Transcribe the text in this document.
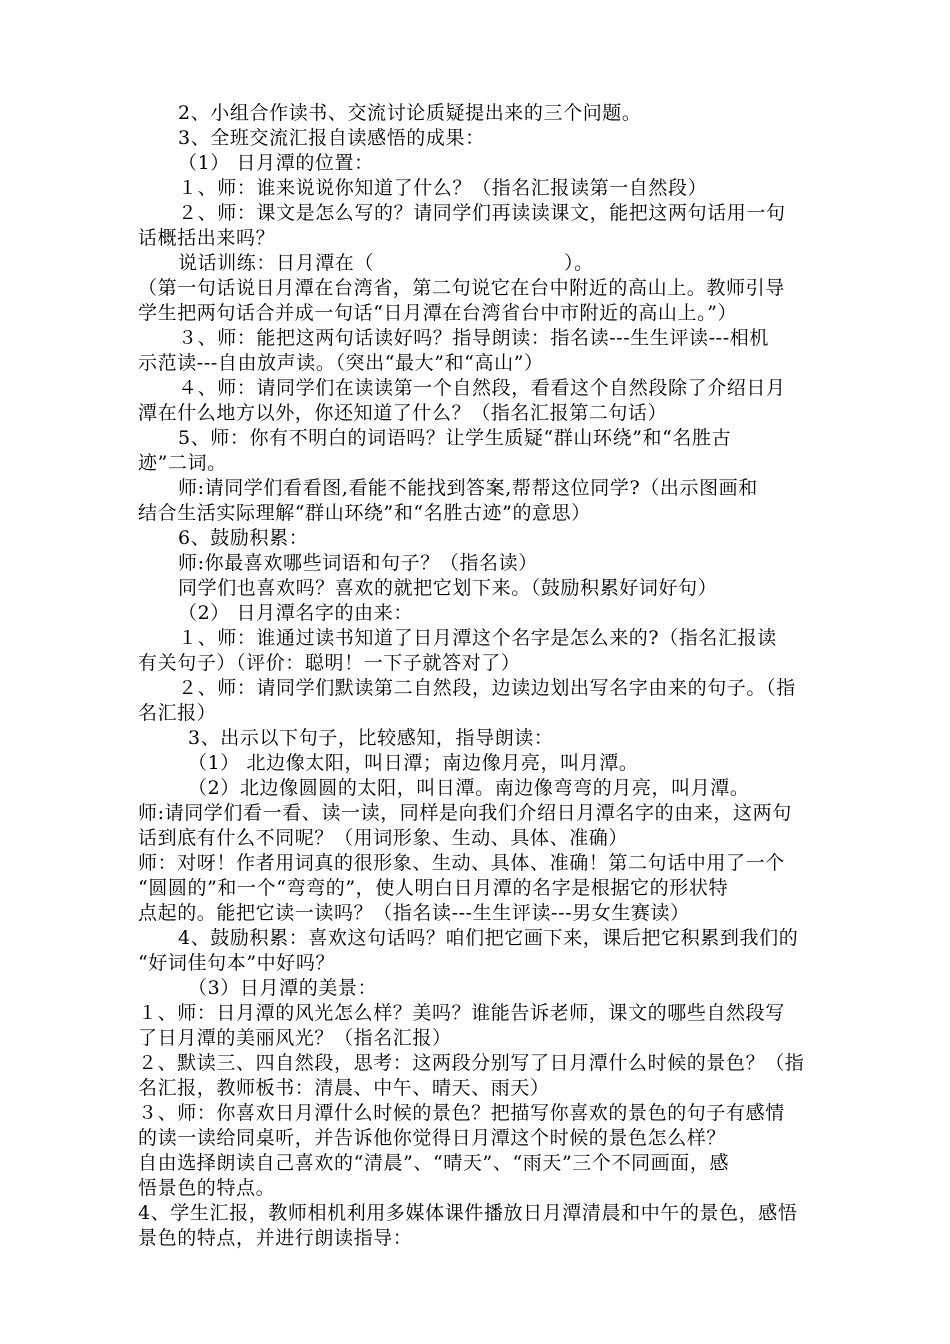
2、小组合作读书、交流讨论质疑提出来的三个问题。
3、全班交流汇报自读感悟的成果：
（1） 日月潭的位置：
１、师：谁来说说你知道了什么？（指名汇报读第一自然段）
２、师：课文是怎么写的？请同学们再读读课文，能把这两句话用一句
话概括出来吗？
说话训练：日月潭在（	）。
（第一句话说日月潭在台湾省，第二句说它在台中附近的高山上。教师引导
学生把两句话合并成一句话“日月潭在台湾省台中市附近的高山上。”）
３、师：能把这两句话读好吗？指导朗读：指名读---生生评读---相机
示范读---自由放声读。（突出“最大”和“高山”）
４、师：请同学们在读读第一个自然段，看看这个自然段除了介绍日月
潭在什么地方以外，你还知道了什么？（指名汇报第二句话）
5、师：你有不明白的词语吗？让学生质疑“群山环绕”和“名胜古
迹”二词。
师:请同学们看看图,看能不能找到答案,帮帮这位同学?（出示图画和
结合生活实际理解“群山环绕”和“名胜古迹”的意思）
6、鼓励积累：
师:你最喜欢哪些词语和句子？（指名读）
同学们也喜欢吗？喜欢的就把它划下来。（鼓励积累好词好句）
（2） 日月潭名字的由来：
１、师：谁通过读书知道了日月潭这个名字是怎么来的?（指名汇报读
有关句子）（评价：聪明！一下子就答对了）
２、师：请同学们默读第二自然段，边读边划出写名字由来的句子。（指
名汇报）
3、出示以下句子，比较感知，指导朗读：
（1） 北边像太阳，叫日潭；南边像月亮，叫月潭。
（2）北边像圆圆的太阳，叫日潭。南边像弯弯的月亮，叫月潭。
师:请同学们看一看、读一读，同样是向我们介绍日月潭名字的由来，这两句
话到底有什么不同呢？（用词形象、生动、具体、准确）
师：对呀！作者用词真的很形象、生动、具体、准确！第二句话中用了一个
“圆圆的”和一个“弯弯的”，使人明白日月潭的名字是根据它的形状特
点起的。能把它读一读吗？（指名读---生生评读---男女生赛读）
4、鼓励积累：喜欢这句话吗？咱们把它画下来，课后把它积累到我们的
“好词佳句本”中好吗？
（3）日月潭的美景：
１、师：日月潭的风光怎么样？美吗？谁能告诉老师，课文的哪些自然段写
了日月潭的美丽风光？（指名汇报）
２、默读三、四自然段，思考：这两段分别写了日月潭什么时候的景色？（指
名汇报，教师板书：清晨、中午、晴天、雨天）
３、师：你喜欢日月潭什么时候的景色？把描写你喜欢的景色的句子有感情
的读一读给同桌听，并告诉他你觉得日月潭这个时候的景色怎么样？
自由选择朗读自己喜欢的“清晨”、“晴天”、“雨天”三个不同画面，感
悟景色的特点。
4、学生汇报，教师相机利用多媒体课件播放日月潭清晨和中午的景色，感悟
景色的特点，并进行朗读指导：
